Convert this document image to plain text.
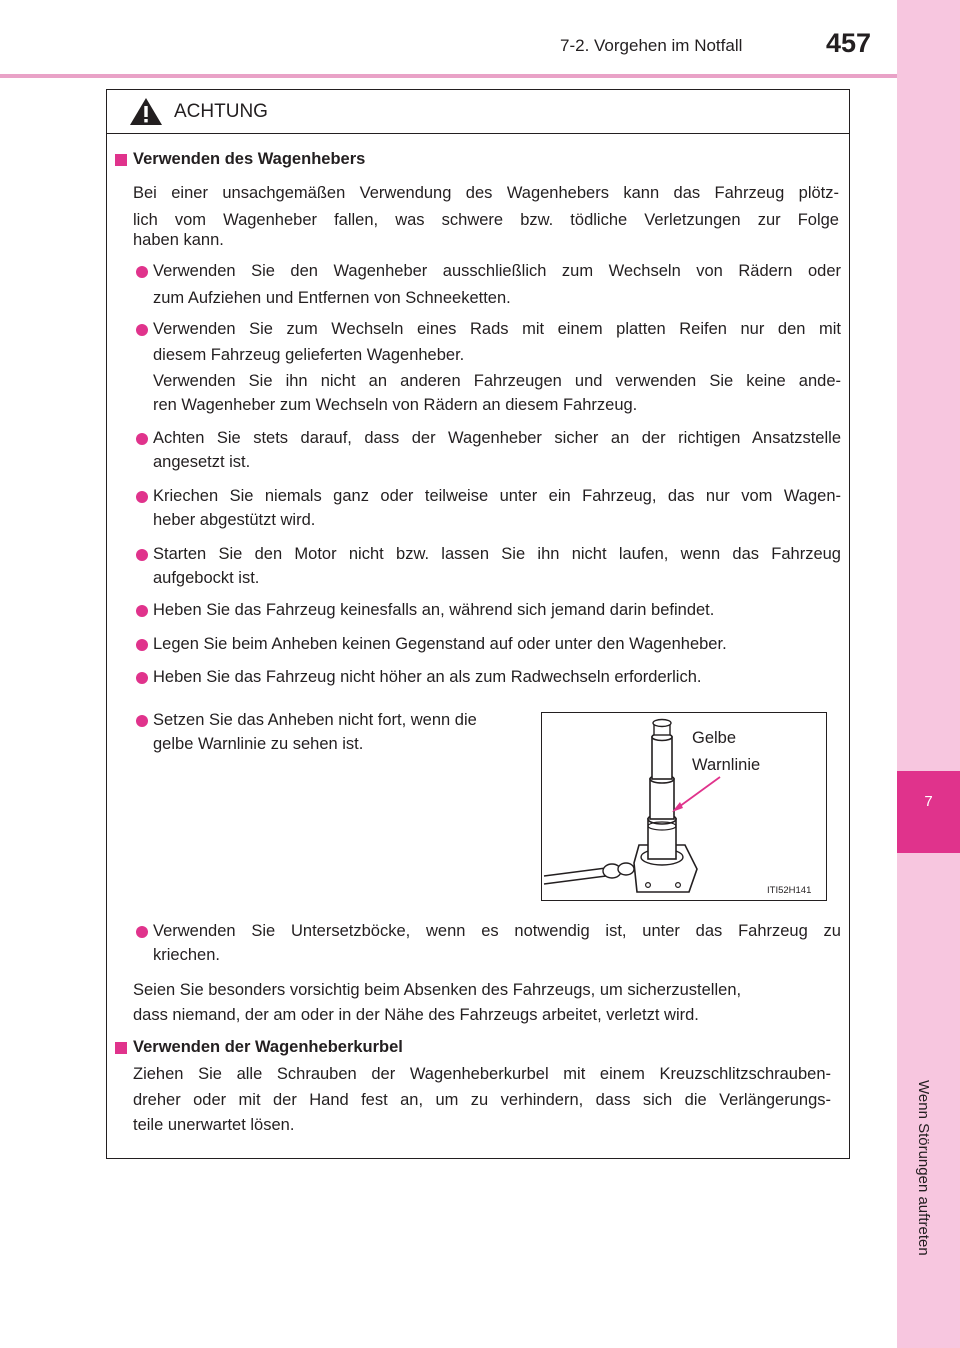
7
Wenn Störungen auftreten
7-2. Vorgehen im Notfall	457
ACHTUNG
Verwenden des Wagenhebers
Bei einer unsachgemäßen Verwendung des Wagenhebers kann das Fahrzeug plötz-
lich vom Wagenheber fallen, was schwere bzw. tödliche Verletzungen zur Folge
haben kann.
Verwenden Sie den Wagenheber ausschließlich zum Wechseln von Rädern oder
zum Aufziehen und Entfernen von Schneeketten.
Verwenden Sie zum Wechseln eines Rads mit einem platten Reifen nur den mit
diesem Fahrzeug gelieferten Wagenheber.
Verwenden Sie ihn nicht an anderen Fahrzeugen und verwenden Sie keine ande-
ren Wagenheber zum Wechseln von Rädern an diesem Fahrzeug.
Achten Sie stets darauf, dass der Wagenheber sicher an der richtigen Ansatzstelle
angesetzt ist.
Kriechen Sie niemals ganz oder teilweise unter ein Fahrzeug, das nur vom Wagen-
heber abgestützt wird.
Starten Sie den Motor nicht bzw. lassen Sie ihn nicht laufen, wenn das Fahrzeug
aufgebockt ist.
Heben Sie das Fahrzeug keinesfalls an, während sich jemand darin befindet.
Legen Sie beim Anheben keinen Gegenstand auf oder unter den Wagenheber.
Heben Sie das Fahrzeug nicht höher an als zum Radwechseln erforderlich.
Setzen Sie das Anheben nicht fort, wenn die
gelbe Warnlinie zu sehen ist.	Gelbe
Warnlinie
ITI52H141
Verwenden Sie Untersetzböcke, wenn es notwendig ist, unter das Fahrzeug zu
kriechen.
Seien Sie besonders vorsichtig beim Absenken des Fahrzeugs, um sicherzustellen,
dass niemand, der am oder in der Nähe des Fahrzeugs arbeitet, verletzt wird.
Verwenden der Wagenheberkurbel
Ziehen Sie alle Schrauben der Wagenheberkurbel mit einem Kreuzschlitzschrauben-
dreher oder mit der Hand fest an, um zu verhindern, dass sich die Verlängerungs-
teile unerwartet lösen.
